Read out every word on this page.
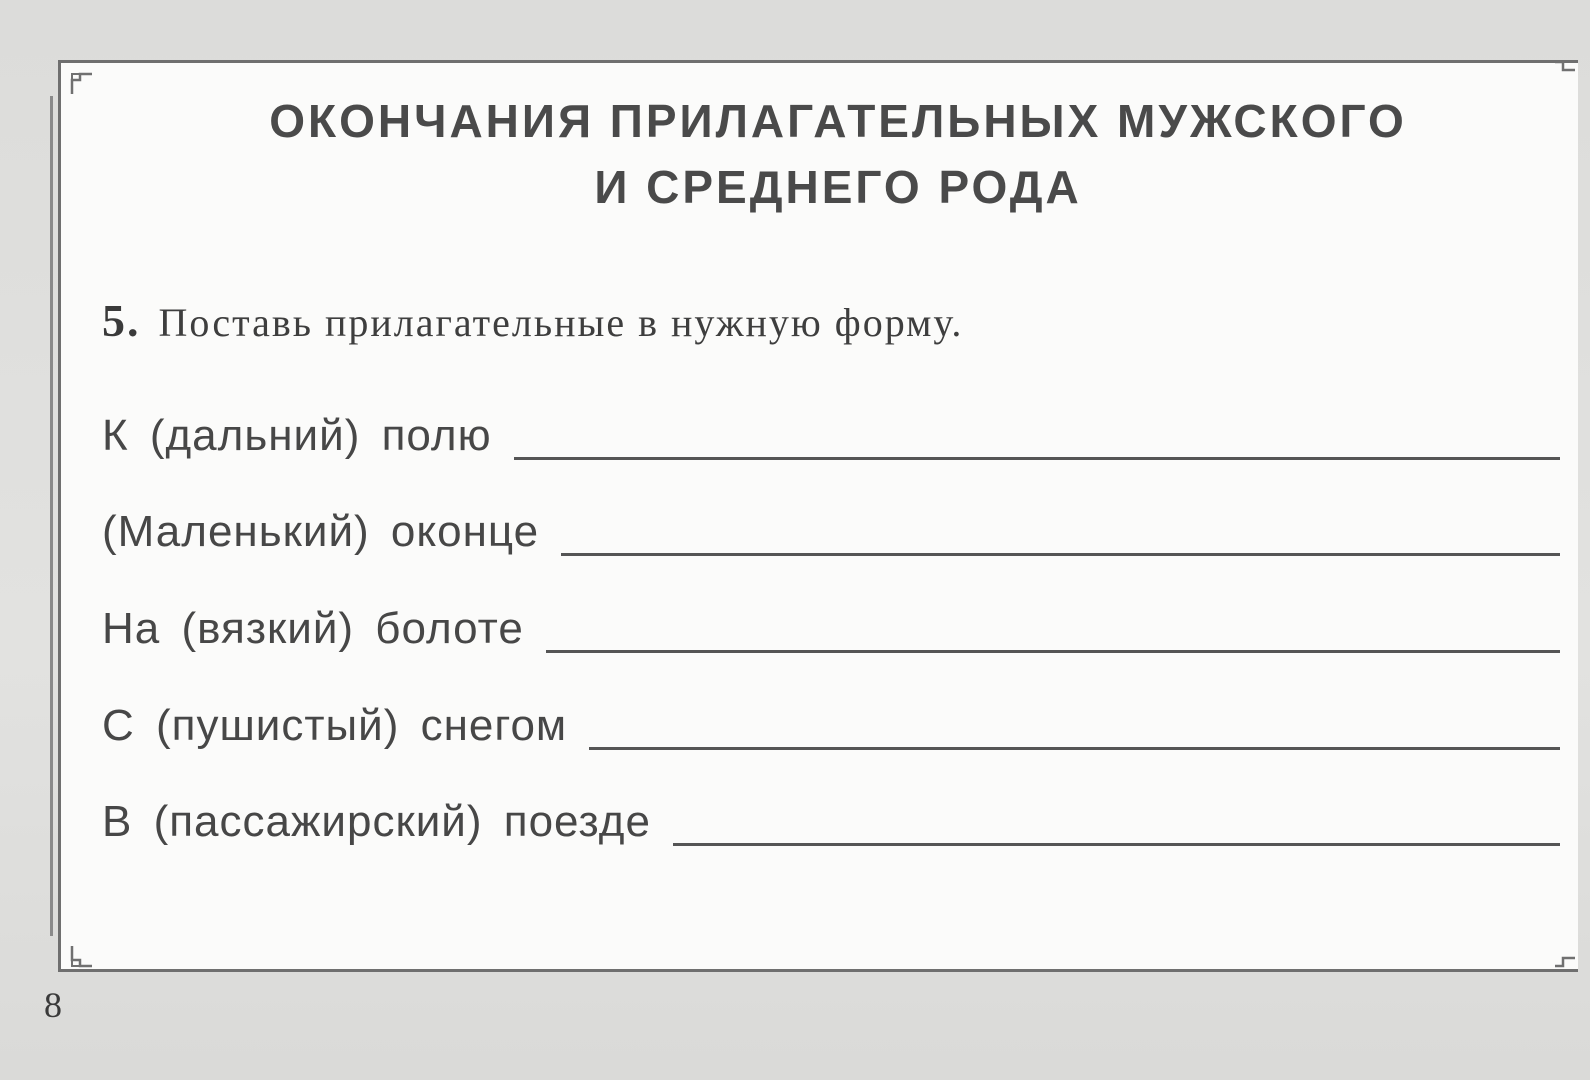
ОКОНЧАНИЯ ПРИЛАГАТЕЛЬНЫХ МУЖСКОГО
И СРЕДНЕГО РОДА
5. Поставь прилагательные в нужную форму.
К (дальний) полю
(Маленький) оконце
На (вязкий) болоте
С (пушистый) снегом
В (пассажирский) поезде
8
